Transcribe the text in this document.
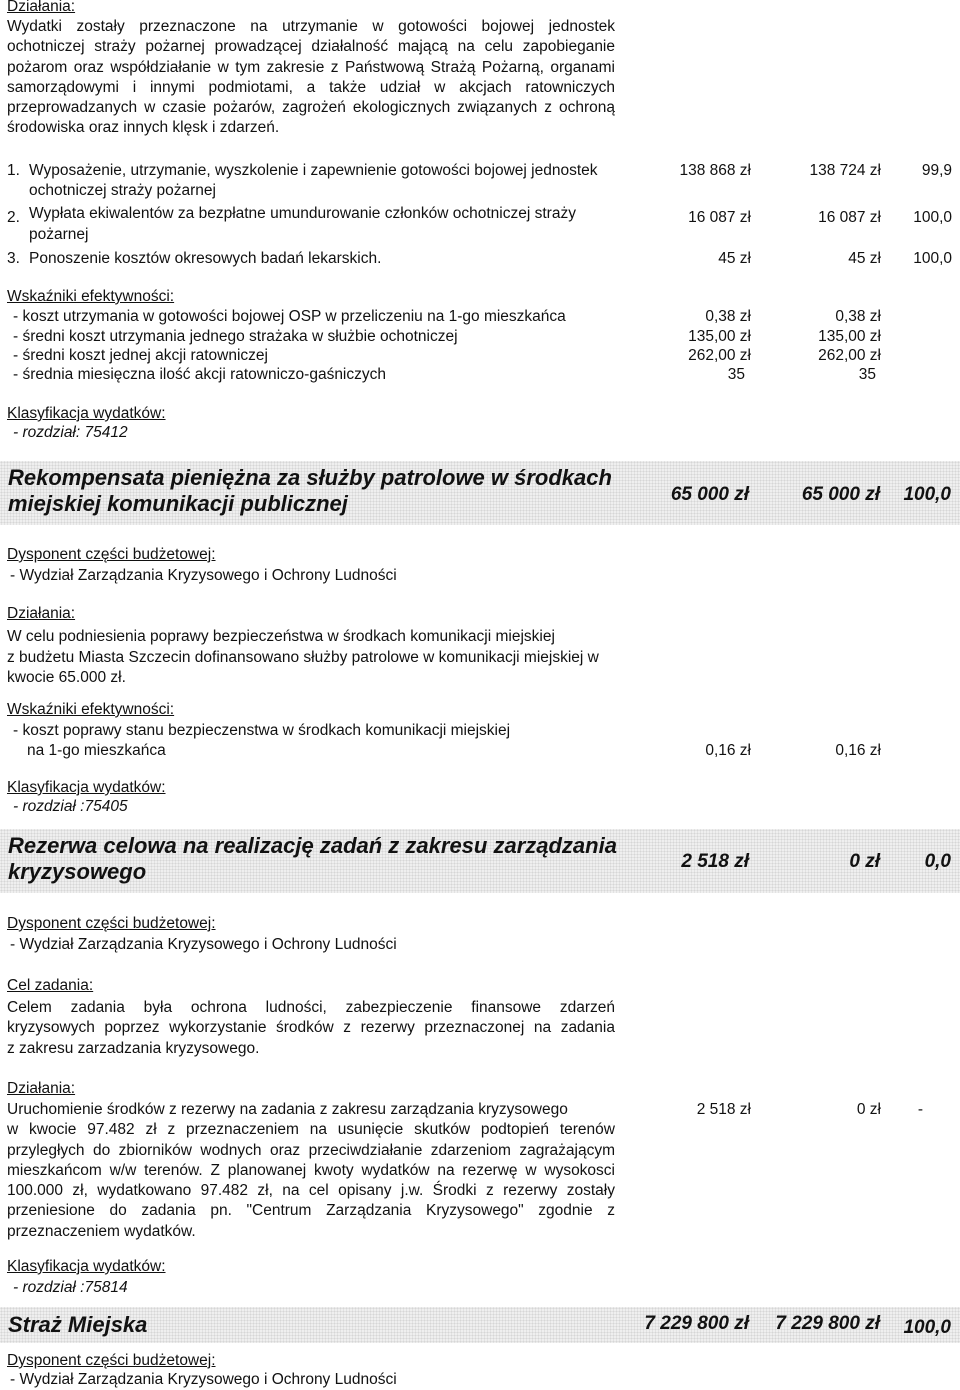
Działania:
Wydatki zostały przeznaczone na utrzymanie w gotowości bojowej jednostek
ochotniczej straży pożarnej prowadzącej działalność mającą na celu zapobieganie
pożarom oraz współdziałanie w tym zakresie z Państwową Strażą Pożarną, organami
samorządowymi i innymi podmiotami, a także udział w akcjach ratowniczych
przeprowadzanych w czasie pożarów, zagrożeń ekologicznych związanych z ochroną
środowiska oraz innych klęsk i zdarzeń.
1. Wyposażenie, utrzymanie, wyszkolenie i zapewnienie gotowości bojowej jednostek
ochotniczej straży pożarnej
138 868 zł	138 724 zł	99,9
2. Wypłata ekiwalentów za bezpłatne umundurowanie członków ochotniczej straży
pożarnej
16 087 zł	16 087 zł 100,0
3. Ponoszenie kosztów okresowych badań lekarskich.	45 zł	45 zł 100,0
Wskaźniki efektywności:
- koszt utrzymania w gotowości bojowej OSP w przeliczeniu na 1-go mieszkańca	0,38 zł	0,38 zł
- średni koszt utrzymania jednego strażaka w służbie ochotniczej	135,00 zł	135,00 zł
- średni koszt jednej akcji ratowniczej	262,00 zł	262,00 zł
- średnia miesięczna ilość akcji ratowniczo-gaśniczych	35	35
Klasyfikacja wydatków:
- rozdział: 75412
Rekompensata pieniężna za służby patrolowe w środkach
miejskiej komunikacji publicznej	65 000 zł	65 000 zł 100,0
Dysponent części budżetowej:
- Wydział Zarządzania Kryzysowego i Ochrony Ludności
Działania:
W celu podniesienia poprawy bezpieczeństwa w środkach komunikacji miejskiej
z budżetu Miasta Szczecin dofinansowano służby patrolowe w komunikacji miejskiej w
kwocie 65.000 zł.
Wskaźniki efektywności:
- koszt poprawy stanu bezpieczenstwa w środkach komunikacji miejskiej
na 1-go mieszkańca	0,16 zł	0,16 zł
Klasyfikacja wydatków:
- rozdział :75405
Rezerwa celowa na realizację zadań z zakresu zarządzania
kryzysowego	2 518 zł	0 zł 0,0
Dysponent części budżetowej:
- Wydział Zarządzania Kryzysowego i Ochrony Ludności
Cel zadania:
Celem zadania była ochrona ludności, zabezpieczenie finansowe zdarzeń
kryzysowych poprzez wykorzystanie środków z rezerwy przeznaczonej na zadania
z zakresu zarzadzania kryzysowego.
Działania:
Uruchomienie środków z rezerwy na zadania z zakresu zarządzania kryzysowego
w kwocie 97.482 zł z przeznaczeniem na usunięcie skutków podtopień terenów
przyległych do zbiorników wodnych oraz przeciwdziałanie zdarzeniom zagrażającym
mieszkańcom w/w terenów. Z planowanej kwoty wydatków na rezerwę w wysokosci
100.000 zł, wydatkowano 97.482 zł, na cel opisany j.w. Środki z rezerwy zostały
przeniesione do zadania pn. "Centrum Zarządzania Kryzysowego" zgodnie z
przeznaczeniem wydatków.
2 518 zł	0 zł -
Klasyfikacja wydatków:
- rozdział :75814
Straż Miejska	7 229 800 zł 7 229 800 zł 100,0
Dysponent części budżetowej:
- Wydział Zarządzania Kryzysowego i Ochrony Ludności
